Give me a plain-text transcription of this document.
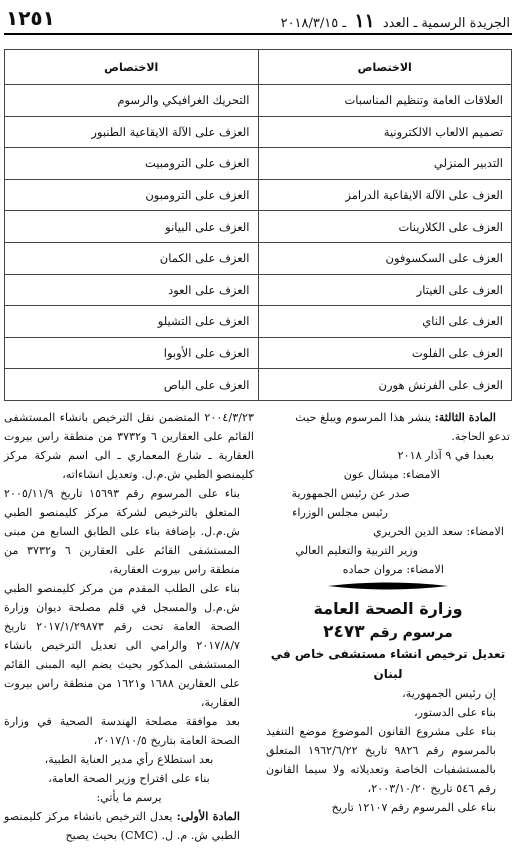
١٢٥١	الجريدة الرسمية ـ العدد ١١ ـ ٢٠١٨/٣/١٥
الاختصاص	الاختصاص
العلاقات العامة وتنظيم المناسبات	التحريك الغرافيكي والرسوم
تصميم الالعاب الالكترونية	العزف على الآلة الايقاعية الطنبور
التدبير المنزلي	العزف على الترومبيت
العزف على الآلة الايقاعية الدرامز	العزف على الترومبون
العزف على الكلارينات	العزف على البيانو
العزف على السكسوفون	العزف على الكمان
العزف على الغيتار	العزف على العود
العزف على الناي	العزف على التشيلو
العزف على الفلوت	العزف على الأوبوا
العزف على الفرنش هورن	العزف على الباص

المادة الثالثة: ينشر هذا المرسوم ويبلغ حيث

تدعو الحاجة.

بعبدا في ٩ آذار ٢٠١٨

الامضاء: ميشال عون

صدر عن رئيس الجمهورية

رئيس مجلس الوزراء

الامضاء: سعد الدين الحريري

وزير التربية والتعليم العالي

الامضاء: مروان حماده

وزارة الصحة العامة
مرسوم رقم ٢٤٧٣
تعديل ترخيص انشاء مستشفى خاص في لبنان

إن رئيس الجمهورية،

بناء على الدستور،

بناء على مشروع القانون الموضوع موضع التنفيذ بالمرسوم رقم ٩٨٢٦ تاريخ ١٩٦٢/٦/٢٢ المتعلق بالمستشفيات الخاصة وتعديلاته ولا سيما القانون رقم ٥٤٦ تاريخ ٢٠٠٣/١٠/٢٠،

بناء على المرسوم رقم ١٢١٠٧ تاريخ

٢٠٠٤/٣/٢٣ المتضمن نقل الترخيص بانشاء المستشفى القائم على العقارين ٦ و٣٧٣٢ من منطقة راس بيروت العقارية ـ شارع المعماري ـ الى اسم شركة مركز كليمنصو الطبي ش.م.ل. وتعديل انشاءاته،

بناء على المرسوم رقم ١٥٦٩٣ تاريخ ٢٠٠٥/١١/٩ المتعلق بالترخيص لشركة مركز كليمنصو الطبي ش.م.ل. بإضافة بناء على الطابق السابع من مبنى المستشفى القائم على العقارين ٦ و٣٧٣٢ من منطقة راس بيروت العقارية،

بناء على الطلب المقدم من مركز كليمنصو الطبي ش.م.ل والمسجل في قلم مصلحة ديوان وزارة الصحة العامة تحت رقم ٢٠١٧/١/٢٩٨٧٣ تاريخ ٢٠١٧/٨/٧ والرامي الى تعديل الترخيص بانشاء المستشفى المذكور بحيث يضم اليه المبنى القائم على العقارين ١٦٨٨ و١٦٢١ من منطقة راس بيروت العقارية،

بعد موافقة مصلحة الهندسة الصحية في وزارة الصحة العامة بتاريخ ٢٠١٧/١٠/٥،

بعد استطلاع رأي مدير العناية الطبية،

بناء على اقتراح وزير الصحة العامة،

يرسم ما يأتي:

المادة الأولى: يعدل الترخيص بانشاء مركز كليمنصو الطبي ش. م. ل. (CMC) بحيث يصبح
